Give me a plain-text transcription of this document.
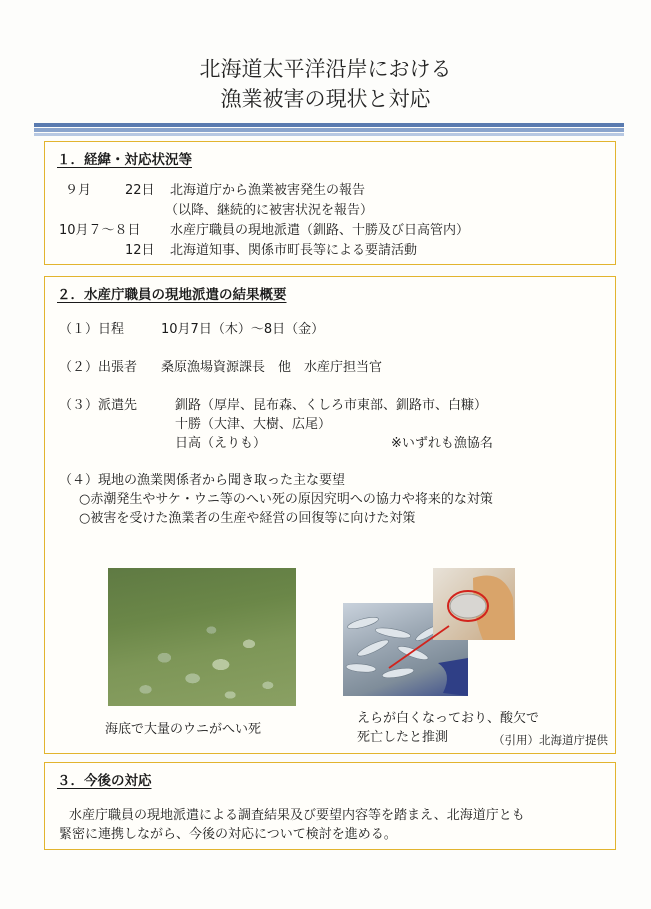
北海道太平洋沿岸における
漁業被害の現状と対応
１．経緯・対応状況等
９月	22日 北海道庁から漁業被害発生の報告
（以降、継続的に被害状況を報告）
10月７～８日 水産庁職員の現地派遣（釧路、十勝及び日高管内）
12日 北海道知事、関係市町長等による要請活動
２．水産庁職員の現地派遣の結果概要
（１）日程	10月7日（木）～8日（金）
（２）出張者 桑原漁場資源課長　他　水産庁担当官
（３）派遣先	釧路（厚岸、昆布森、くしろ市東部、釧路市、白糠）
十勝（大津、大樹、広尾）
日高（えりも）	※いずれも漁協名
（４）現地の漁業関係者から聞き取った主な要望
○赤潮発生やサケ・ウニ等のへい死の原因究明への協力や将来的な対策
○被害を受けた漁業者の生産や経営の回復等に向けた対策
海底で大量のウニがへい死
えらが白くなっており、酸欠で
死亡したと推測	（引用）北海道庁提供
３．今後の対応
水産庁職員の現地派遣による調査結果及び要望内容等を踏まえ、北海道庁とも
緊密に連携しながら、今後の対応について検討を進める。
